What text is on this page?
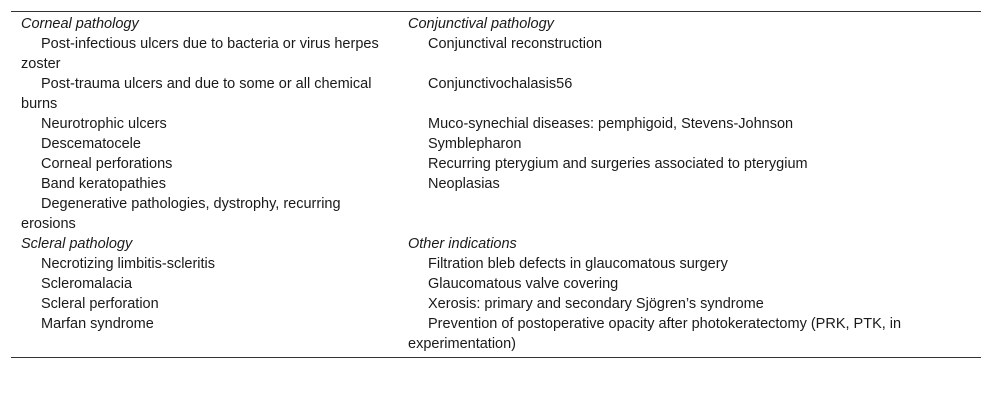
Corneal pathology	Conjunctival pathology

Post-infectious ulcers due to bacteria or virus herpes zoster	Conjunctival reconstruction

Post-trauma ulcers and due to some or all chemical burns	Conjunctivochalasis56

Neurotrophic ulcers	Muco-synechial diseases: pemphigoid, Stevens-Johnson

Descematocele	Symblepharon

Corneal perforations	Recurring pterygium and surgeries associated to pterygium

Band keratopathies	Neoplasias

Degenerative pathologies, dystrophy, recurring erosions	

Scleral pathology	Other indications

Necrotizing limbitis-scleritis	Filtration bleb defects in glaucomatous surgery

Scleromalacia	Glaucomatous valve covering

Scleral perforation	Xerosis: primary and secondary Sjögren’s syndrome

Marfan syndrome	Prevention of postoperative opacity after photokeratectomy (PRK, PTK, in experimentation)
